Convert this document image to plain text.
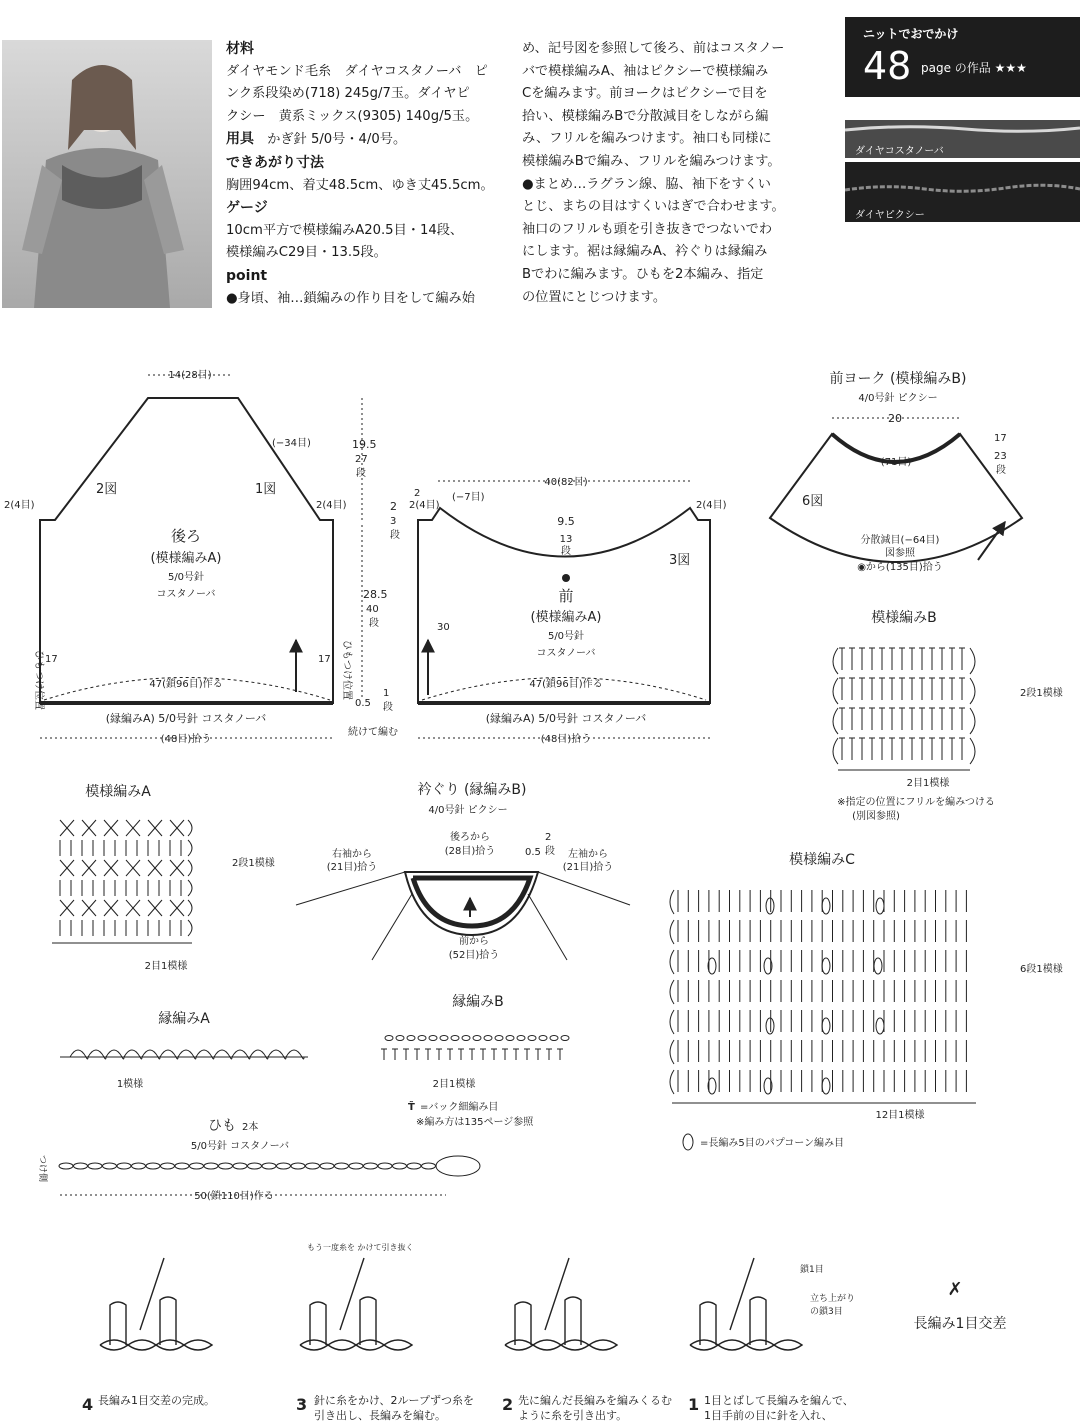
材料
ダイヤモンド毛糸　 ダイヤコスタノーバ　ピ
ンク系段染め(718) 245g/7玉。ダイヤピ
クシー　黄系ミックス(9305) 140g/5玉。
用具　 かぎ針 5/0号・4/0号。
できあがり寸法
胸囲94cm、着丈48.5cm、ゆき丈45.5cm。
ゲージ
10cm平方で模様編みA20.5目・14段、
模様編みC29目・13.5段。
point
●身頃、袖…鎖編みの作り目をして編み始
め、記号図を参照して後ろ、前はコスタノー
バで模様編みA、袖はピクシーで模様編み
Cを編みます。前ヨークはピクシーで目を
拾い、模様編みBで分散減目をしながら編
み、フリルを編みつけます。袖口も同様に
模様編みBで編み、フリルを編みつけます。
●まとめ…ラグラン線、脇、袖下をすくい
とじ、まちの目はすくいはぎで合わせます。
袖口のフリルも頭を引き抜きでつないでわ
にします。裾は縁編みA、衿ぐりは縁編み
Bでわに編みます。ひもを2本編み、指定
の位置にとじつけます。
ニットでおでかけ
48 page の作品 ★★★
ダイヤコスタノーバ
ダイヤピクシー
14(28目)
(−34目)
2図	1図
2(4目)	2(4目)
後ろ
(模様編みA)
5/0号針
コスタノーバ
ひもつけ位置	ひもつけ位置
17	17
47(鎖96目)作る
(縁編みA) 5/0号針 コスタノーバ
(48目)拾う
19.5
27
段
2
3
段
28.5
40
段
0.5
1
段
続けて編む
40(82目)
(−7目)
2
2(4目)	2(4目)
9.5
13
段
3図
前
(模様編みA)
5/0号針
コスタノーバ
30
47(鎖96目)作る
(縁編みA) 5/0号針 コスタノーバ
(48目)拾う
前ヨーク (模様編みB)
4/0号針 ピクシー
20
(71目)
17
23
段
6図
分散減目(−64目)
図参照
◉から(135目)拾う
模様編みB
2段1模様
2目1模様
※指定の位置にフリルを編みつける
(別図参照)
模様編みA
2段1模様
2目1模様
衿ぐり (縁編みB)
4/0号針 ピクシー
右袖から
(21目)拾う
後ろから
(28目)拾う	0.5
2
段 左袖から
(21目)拾う
前から
(52目)拾う
模様編みC
6段1模様
12目1模様
=長編み5目のパプコーン編み目
縁編みA
1模様
縁編みB
2目1模様
T̃ =バック細編み目
※編み方は135ページ参照
ひも 2本
5/0号針 コスタノーバ
つけ側
50(鎖110目)作る
もう一度糸を かけて引き抜く
鎖1目
立ち上がり
の鎖3目
✗
長編み1目交差
4 長編み1目交差の完成。	3 針に糸をかけ、2ループずつ糸を
引き出し、長編みを編む。
2 先に編んだ長編みを編みくるむ
ように糸を引き出す。
1 1目とばして長編みを編んで、
1目手前の目に針を入れ、
